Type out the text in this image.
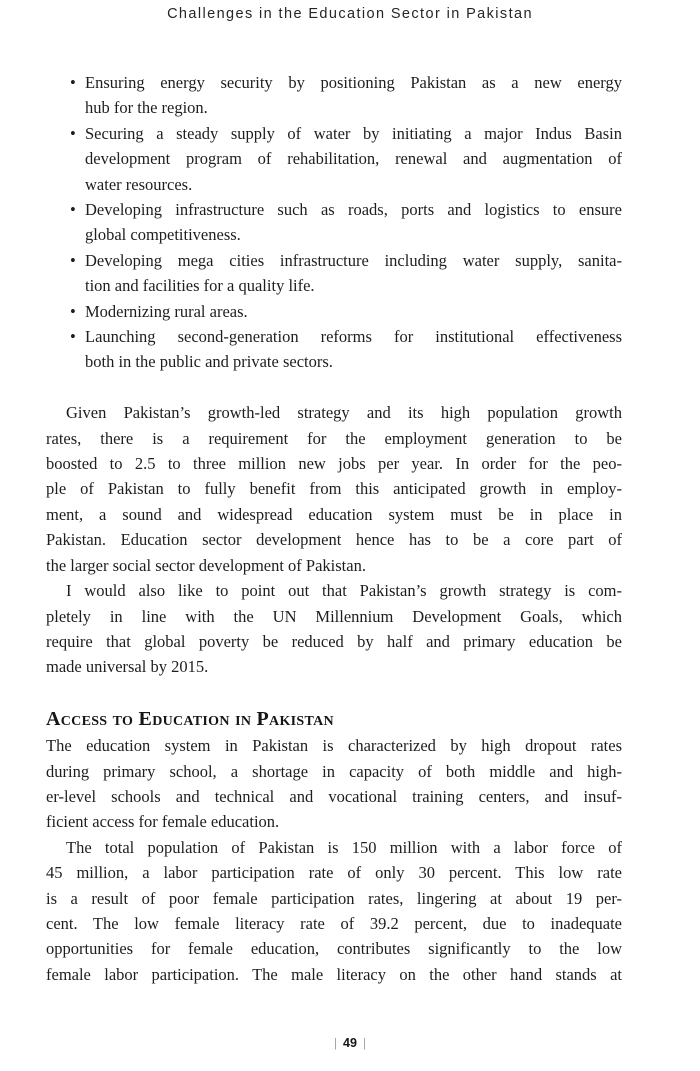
Challenges in the Education Sector in Pakistan
• Ensuring energy security by positioning Pakistan as a new energy
hub for the region.
• Securing a steady supply of water by initiating a major Indus Basin
development program of rehabilitation, renewal and augmentation of
water resources.
• Developing infrastructure such as roads, ports and logistics to ensure
global competitiveness.
• Developing mega cities infrastructure including water supply, sanita-
tion and facilities for a quality life.
• Modernizing rural areas.
• Launching second-generation reforms for institutional effectiveness
both in the public and private sectors.
Given Pakistan’s growth-led strategy and its high population growth
rates, there is a requirement for the employment generation to be
boosted to 2.5 to three million new jobs per year. In order for the peo-
ple of Pakistan to fully benefit from this anticipated growth in employ-
ment, a sound and widespread education system must be in place in
Pakistan. Education sector development hence has to be a core part of
the larger social sector development of Pakistan.
I would also like to point out that Pakistan’s growth strategy is com-
pletely in line with the UN Millennium Development Goals, which
require that global poverty be reduced by half and primary education be
made universal by 2015.
Access to Education in Pakistan
The education system in Pakistan is characterized by high dropout rates
during primary school, a shortage in capacity of both middle and high-
er-level schools and technical and vocational training centers, and insuf-
ficient access for female education.
The total population of Pakistan is 150 million with a labor force of
45 million, a labor participation rate of only 30 percent. This low rate
is a result of poor female participation rates, lingering at about 19 per-
cent. The low female literacy rate of 39.2 percent, due to inadequate
opportunities for female education, contributes significantly to the low
female labor participation. The male literacy on the other hand stands at
| 49 |
